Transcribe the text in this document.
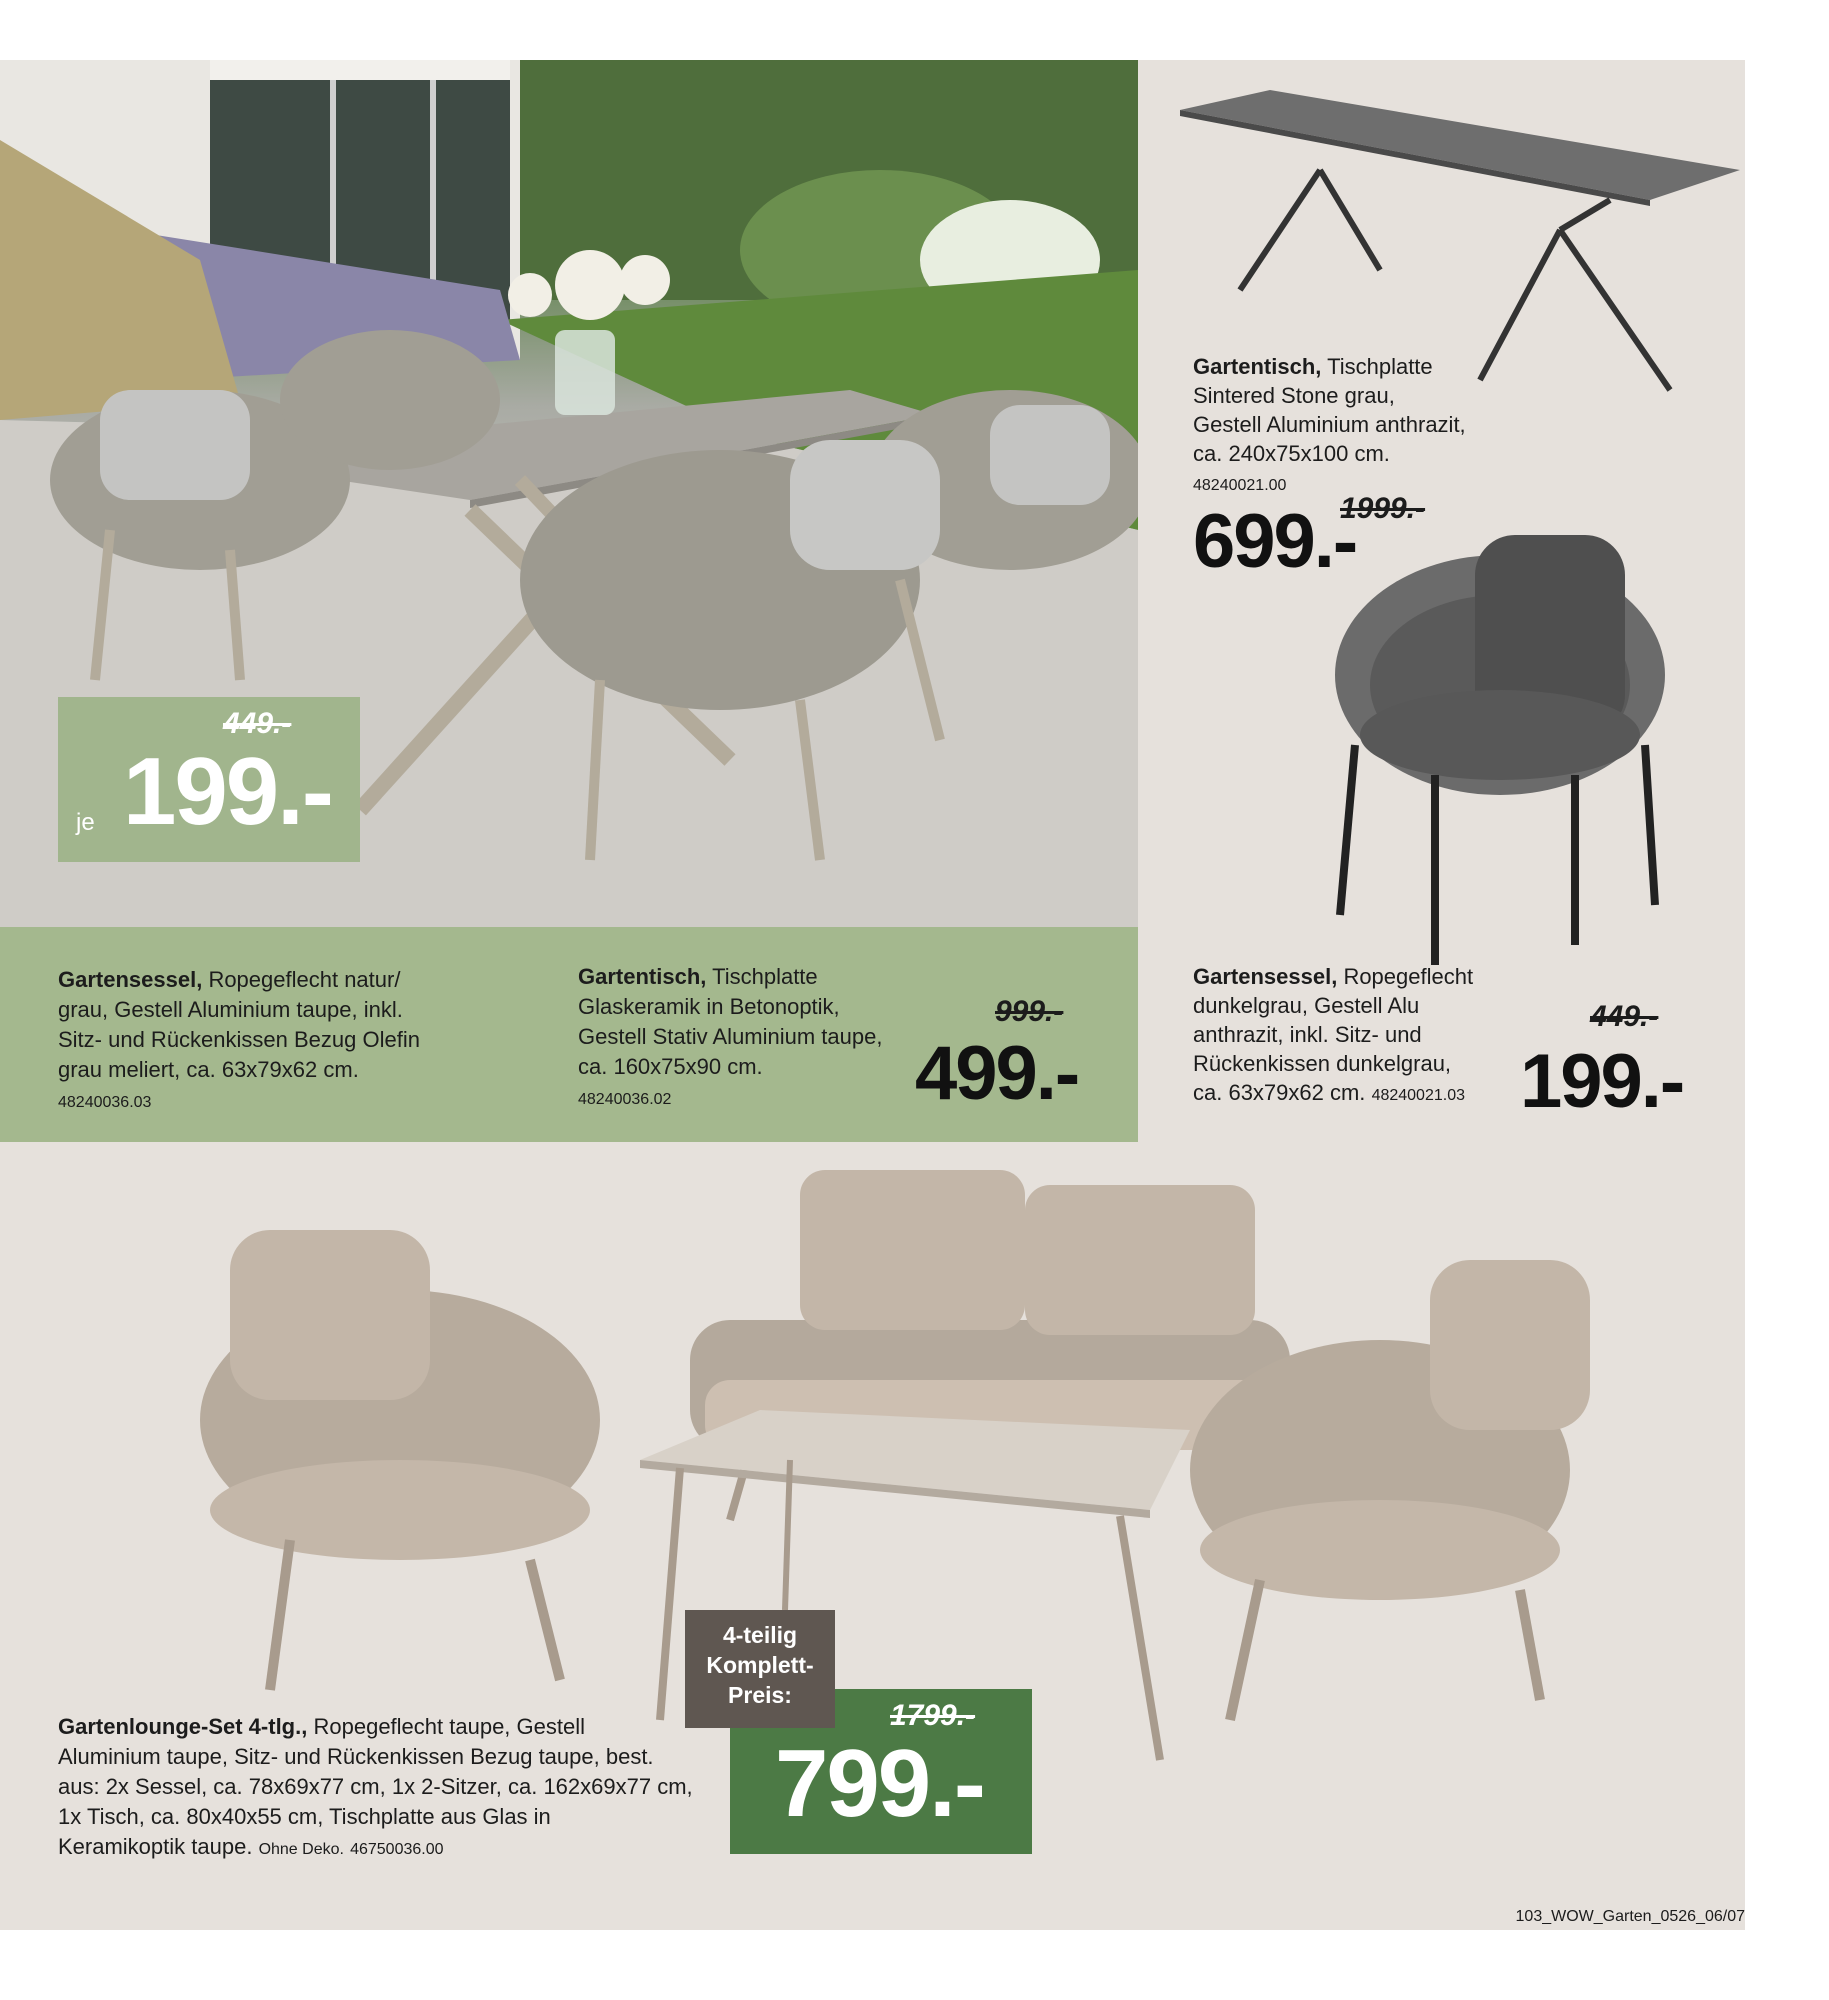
449.-
je 199.-
Gartensessel, Ropegeflecht natur/
grau, Gestell Aluminium taupe, inkl.
Sitz- und Rückenkissen Bezug Olefin
grau meliert, ca. 63x79x62 cm.
48240036.03
Gartentisch, Tischplatte
Glaskeramik in Betonoptik,
Gestell Stativ Aluminium taupe,
ca. 160x75x90 cm.
48240036.02
999.-
499.-
Gartentisch, Tischplatte
Sintered Stone grau,
Gestell Aluminium anthrazit,
ca. 240x75x100 cm.
48240021.00
1999.-
699.-
Gartensessel, Ropegeflecht
dunkelgrau, Gestell Alu
anthrazit, inkl. Sitz- und
Rückenkissen dunkelgrau,
ca. 63x79x62 cm. 48240021.03
449.-
199.-
Gartenlounge-Set 4-tlg., Ropegeflecht taupe, Gestell
Aluminium taupe, Sitz- und Rückenkissen Bezug taupe, best.
aus: 2x Sessel, ca. 78x69x77 cm, 1x 2-Sitzer, ca. 162x69x77 cm,
1x Tisch, ca. 80x40x55 cm, Tischplatte aus Glas in
Keramikoptik taupe. Ohne Deko. 46750036.00
1799.-
799.-
4-teilig
Komplett-
Preis:
103_WOW_Garten_0526_06/07
